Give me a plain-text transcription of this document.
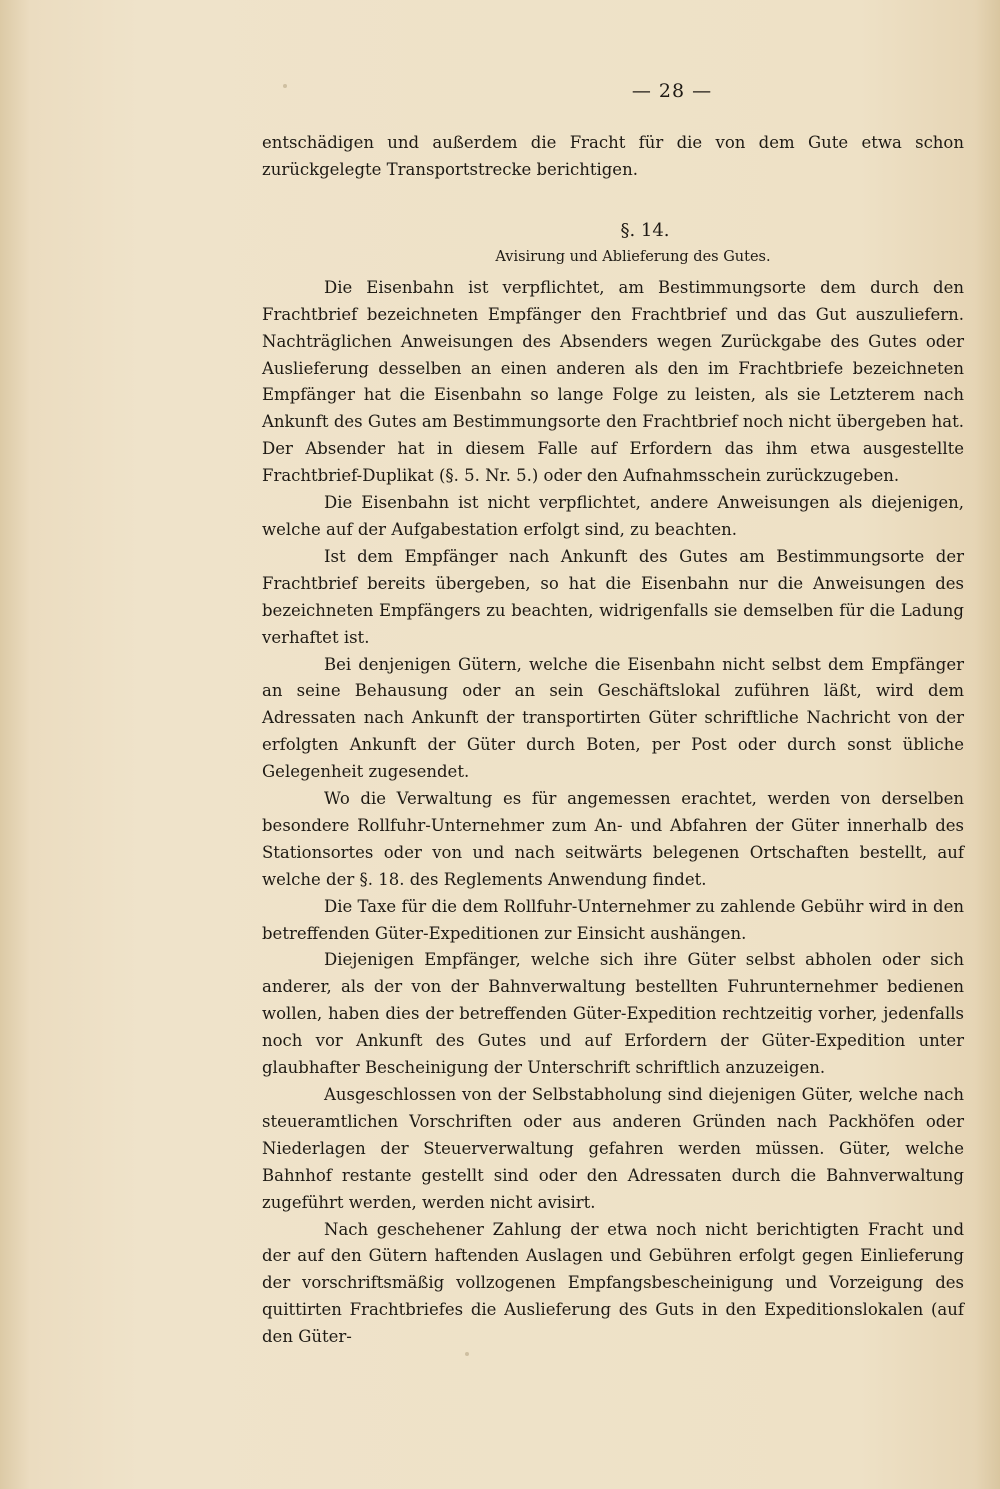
— 28 —

entschädigen und außerdem die Fracht für die von dem Gute etwa schon zurückgelegte Transportstrecke berichtigen.

§. 14.
Avisirung und Ablieferung des Gutes.

Die Eisenbahn ist verpflichtet, am Bestimmungsorte dem durch den Frachtbrief bezeichneten Empfänger den Frachtbrief und das Gut auszuliefern. Nachträglichen Anweisungen des Absenders wegen Zurückgabe des Gutes oder Auslieferung desselben an einen anderen als den im Frachtbriefe bezeichneten Empfänger hat die Eisenbahn so lange Folge zu leisten, als sie Letzterem nach Ankunft des Gutes am Bestimmungsorte den Frachtbrief noch nicht übergeben hat. Der Absender hat in diesem Falle auf Erfordern das ihm etwa ausgestellte Frachtbrief-Duplikat (§. 5. Nr. 5.) oder den Aufnahmsschein zurückzugeben.

Die Eisenbahn ist nicht verpflichtet, andere Anweisungen als diejenigen, welche auf der Aufgabestation erfolgt sind, zu beachten.

Ist dem Empfänger nach Ankunft des Gutes am Bestimmungsorte der Frachtbrief bereits übergeben, so hat die Eisenbahn nur die Anweisungen des bezeichneten Empfängers zu beachten, widrigenfalls sie demselben für die Ladung verhaftet ist.

Bei denjenigen Gütern, welche die Eisenbahn nicht selbst dem Empfänger an seine Behausung oder an sein Geschäftslokal zuführen läßt, wird dem Adressaten nach Ankunft der transportirten Güter schriftliche Nachricht von der erfolgten Ankunft der Güter durch Boten, per Post oder durch sonst übliche Gelegenheit zugesendet.

Wo die Verwaltung es für angemessen erachtet, werden von derselben besondere Rollfuhr-Unternehmer zum An- und Abfahren der Güter innerhalb des Stationsortes oder von und nach seitwärts belegenen Ortschaften bestellt, auf welche der §. 18. des Reglements Anwendung findet.

Die Taxe für die dem Rollfuhr-Unternehmer zu zahlende Gebühr wird in den betreffenden Güter-Expeditionen zur Einsicht aushängen.

Diejenigen Empfänger, welche sich ihre Güter selbst abholen oder sich anderer, als der von der Bahnverwaltung bestellten Fuhrunternehmer bedienen wollen, haben dies der betreffenden Güter-Expedition rechtzeitig vorher, jedenfalls noch vor Ankunft des Gutes und auf Erfordern der Güter-Expedition unter glaubhafter Bescheinigung der Unterschrift schriftlich anzuzeigen.

Ausgeschlossen von der Selbstabholung sind diejenigen Güter, welche nach steueramtlichen Vorschriften oder aus anderen Gründen nach Packhöfen oder Niederlagen der Steuerverwaltung gefahren werden müssen. Güter, welche Bahnhof restante gestellt sind oder den Adressaten durch die Bahnverwaltung zugeführt werden, werden nicht avisirt.

Nach geschehener Zahlung der etwa noch nicht berichtigten Fracht und der auf den Gütern haftenden Auslagen und Gebühren erfolgt gegen Einlieferung der vorschriftsmäßig vollzogenen Empfangsbescheinigung und Vorzeigung des quittirten Frachtbriefes die Auslieferung des Guts in den Expeditionslokalen (auf den Güter-
